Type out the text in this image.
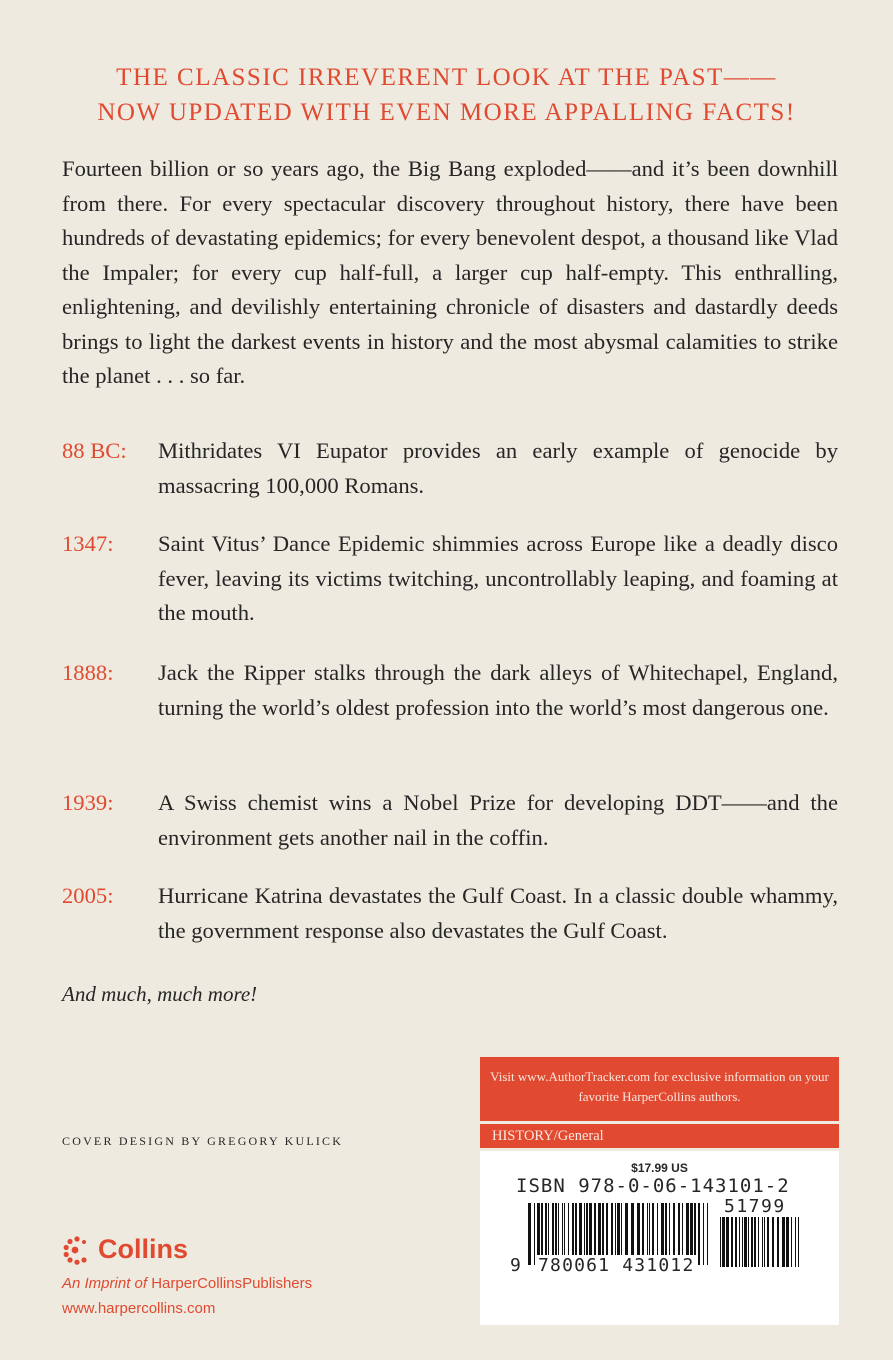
THE CLASSIC IRREVERENT LOOK AT THE PAST——
NOW UPDATED WITH EVEN MORE APPALLING FACTS!
Fourteen billion or so years ago, the Big Bang exploded——and it’s been downhill from there. For every spectacular discovery throughout history, there have been hundreds of devastating epidemics; for every benevolent despot, a thousand like Vlad the Impaler; for every cup half-full, a larger cup half-empty. This enthralling, enlightening, and devilishly entertaining chronicle of disasters and dastardly deeds brings to light the darkest events in history and the most abysmal calamities to strike the planet . . . so far.
88 BC: Mithridates VI Eupator provides an early example of genocide by massacring 100,000 Romans.
1347: Saint Vitus’ Dance Epidemic shimmies across Europe like a deadly disco fever, leaving its victims twitching, uncontrollably leaping, and foaming at the mouth.
1888: Jack the Ripper stalks through the dark alleys of Whitechapel, England, turning the world’s oldest profession into the world’s most dangerous one.
1939: A Swiss chemist wins a Nobel Prize for developing DDT——and the environment gets another nail in the coffin.
2005: Hurricane Katrina devastates the Gulf Coast. In a classic double whammy, the government response also devastates the Gulf Coast.
And much, much more!
COVER DESIGN BY GREGORY KULICK
Collins
An Imprint of HarperCollinsPublishers
www.harpercollins.com
Visit www.AuthorTracker.com for exclusive information on your favorite HarperCollins authors.
HISTORY/General
$17.99 US
ISBN 978-0-06-143101-2
51799
9 780061 431012
